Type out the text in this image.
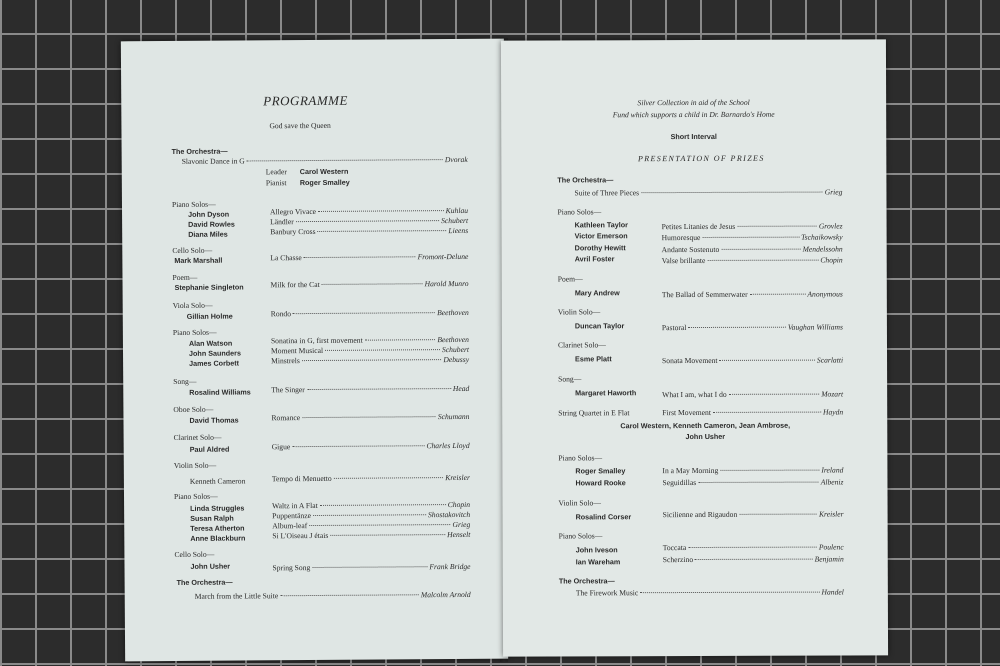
PROGRAMME
God save the Queen
The Orchestra—
Slavonic Dance in G	Dvorak
Leader Carol Western
Pianist Roger Smalley
Piano Solos—
John Dyson	Allegro Vivace	Kuhlau
David Rowles	Ländler	Schubert
Diana Miles	Banbury Cross	Lieens
Cello Solo—
Mark Marshall	La Chasse	Fromont-Delune
Poem—
Stephanie Singleton	Milk for the Cat	Harold Munro
Viola Solo—
Gillian Holme	Rondo	Beethoven
Piano Solos—
Alan Watson	Sonatina in G, first movement	Beethoven
John Saunders	Moment Musical	Schubert
James Corbett	Minstrels	Debussy
Song—
Rosalind Williams	The Singer	Head
Oboe Solo—
David Thomas	Romance	Schumann
Clarinet Solo—
Paul Aldred	Gigue	Charles Lloyd
Violin Solo—
Kenneth Cameron	Tempo di Menuetto	Kreisler
Piano Solos—
Linda Struggles	Waltz in A Flat	Chopin
Susan Ralph	Puppentänze	Shostakovitch
Teresa Atherton	Album-leaf	Grieg
Anne Blackburn	Si L'Oiseau J étais	Henselt
Cello Solo—
John Usher	Spring Song	Frank Bridge
The Orchestra—
March from the Little Suite	Malcolm Arnold
Silver Collection in aid of the School
Fund which supports a child in Dr. Barnardo's Home
Short Interval
PRESENTATION OF PRIZES
The Orchestra—
Suite of Three Pieces	Grieg
Piano Solos—
Kathleen Taylor	Petites Litanies de Jesus	Grovlez
Victor Emerson	Humoresque	Tschaikowsky
Dorothy Hewitt	Andante Sostenuto	Mendelssohn
Avril Foster	Valse brillante	Chopin
Poem—
Mary Andrew	The Ballad of Semmerwater	Anonymous
Violin Solo—
Duncan Taylor	Pastoral	Vaughan Williams
Clarinet Solo—
Esme Platt	Sonata Movement	Scarlatti
Song—
Margaret Haworth	What I am, what I do	Mozart
String Quartet in E Flat	First Movement	Haydn
Carol Western, Kenneth Cameron, Jean Ambrose,
John Usher
Piano Solos—
Roger Smalley	In a May Morning	Ireland
Howard Rooke	Seguidillas	Albeniz
Violin Solo—
Rosalind Corser	Sicilienne and Rigaudon	Kreisler
Piano Solos—
John Iveson	Toccata	Poulenc
Ian Wareham	Scherzino	Benjamin
The Orchestra—
The Firework Music	Handel
